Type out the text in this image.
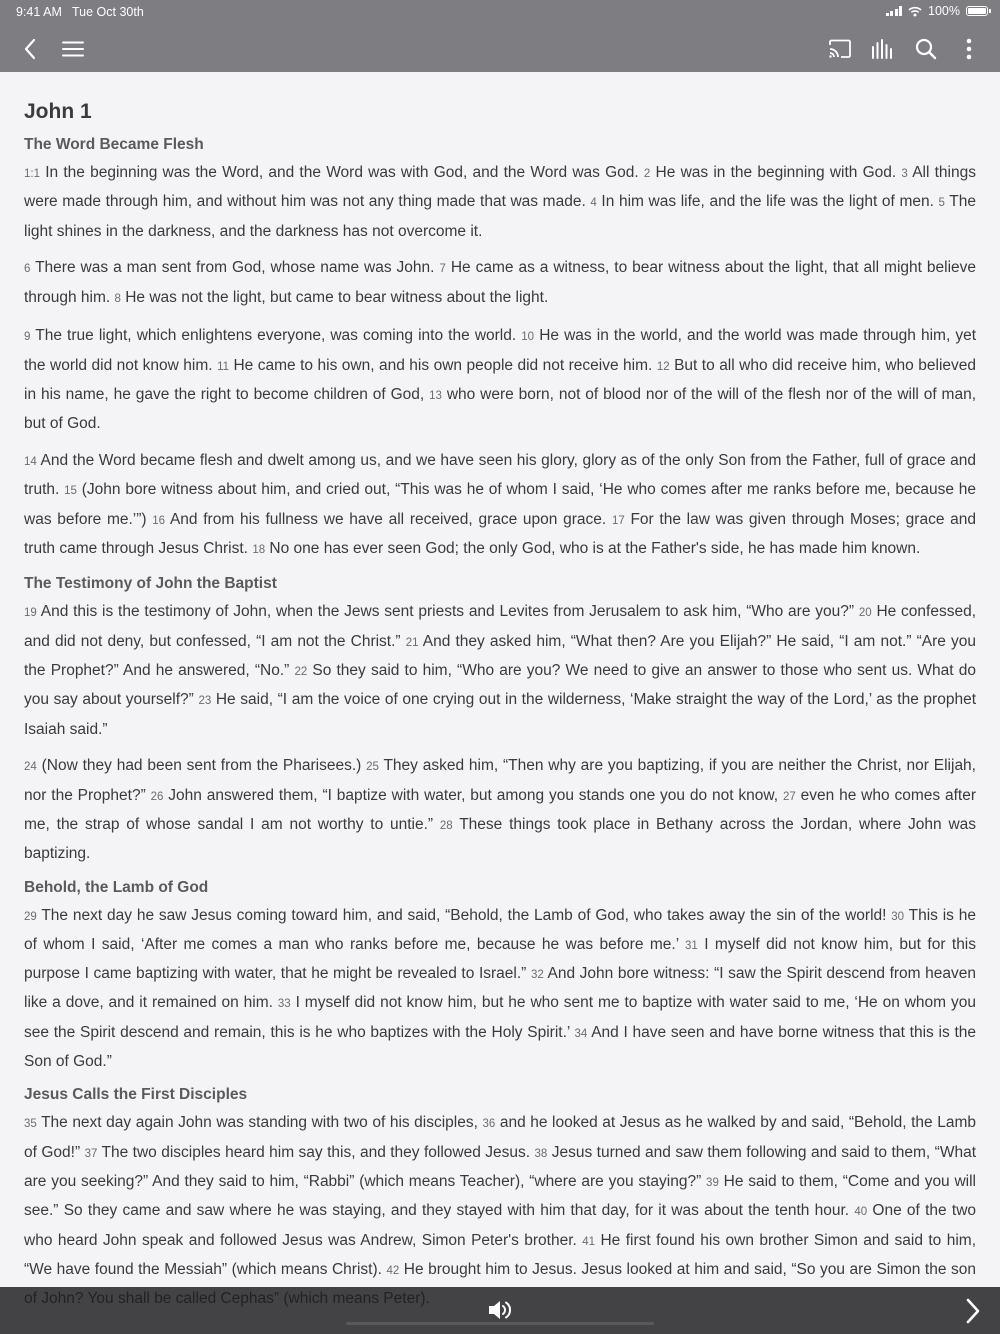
9:41 AM Tue Oct 30th	100%
John 1
The Word Became Flesh

1:1 In the beginning was the Word, and the Word was with God, and the Word was God. 2 He was in the beginning with God. 3 All things were made through him, and without him was not any thing made that was made. 4 In him was life, and the life was the light of men. 5 The light shines in the darkness, and the darkness has not overcome it.

6 There was a man sent from God, whose name was John. 7 He came as a witness, to bear witness about the light, that all might believe through him. 8 He was not the light, but came to bear witness about the light.

9 The true light, which enlightens everyone, was coming into the world. 10 He was in the world, and the world was made through him, yet the world did not know him. 11 He came to his own, and his own people did not receive him. 12 But to all who did receive him, who believed in his name, he gave the right to become children of God, 13 who were born, not of blood nor of the will of the flesh nor of the will of man, but of God.

14 And the Word became flesh and dwelt among us, and we have seen his glory, glory as of the only Son from the Father, full of grace and truth. 15 (John bore witness about him, and cried out, “This was he of whom I said, ‘He who comes after me ranks before me, because he was before me.’”) 16 And from his fullness we have all received, grace upon grace. 17 For the law was given through Moses; grace and truth came through Jesus Christ. 18 No one has ever seen God; the only God, who is at the Father's side, he has made him known.

The Testimony of John the Baptist

19 And this is the testimony of John, when the Jews sent priests and Levites from Jerusalem to ask him, “Who are you?” 20 He confessed, and did not deny, but confessed, “I am not the Christ.” 21 And they asked him, “What then? Are you Elijah?” He said, “I am not.” “Are you the Prophet?” And he answered, “No.” 22 So they said to him, “Who are you? We need to give an answer to those who sent us. What do you say about yourself?” 23 He said, “I am the voice of one crying out in the wilderness, ‘Make straight the way of the Lord,’ as the prophet Isaiah said.”

24 (Now they had been sent from the Pharisees.) 25 They asked him, “Then why are you baptizing, if you are neither the Christ, nor Elijah, nor the Prophet?” 26 John answered them, “I baptize with water, but among you stands one you do not know, 27 even he who comes after me, the strap of whose sandal I am not worthy to untie.” 28 These things took place in Bethany across the Jordan, where John was baptizing.

Behold, the Lamb of God

29 The next day he saw Jesus coming toward him, and said, “Behold, the Lamb of God, who takes away the sin of the world! 30 This is he of whom I said, ‘After me comes a man who ranks before me, because he was before me.’ 31 I myself did not know him, but for this purpose I came baptizing with water, that he might be revealed to Israel.” 32 And John bore witness: “I saw the Spirit descend from heaven like a dove, and it remained on him. 33 I myself did not know him, but he who sent me to baptize with water said to me, ‘He on whom you see the Spirit descend and remain, this is he who baptizes with the Holy Spirit.’ 34 And I have seen and have borne witness that this is the Son of God.”

Jesus Calls the First Disciples

35 The next day again John was standing with two of his disciples, 36 and he looked at Jesus as he walked by and said, “Behold, the Lamb of God!” 37 The two disciples heard him say this, and they followed Jesus. 38 Jesus turned and saw them following and said to them, “What are you seeking?” And they said to him, “Rabbi” (which means Teacher), “where are you staying?” 39 He said to them, “Come and you will see.” So they came and saw where he was staying, and they stayed with him that day, for it was about the tenth hour. 40 One of the two who heard John speak and followed Jesus was Andrew, Simon Peter's brother. 41 He first found his own brother Simon and said to him, “We have found the Messiah” (which means Christ). 42 He brought him to Jesus. Jesus looked at him and said, “So you are Simon the son
